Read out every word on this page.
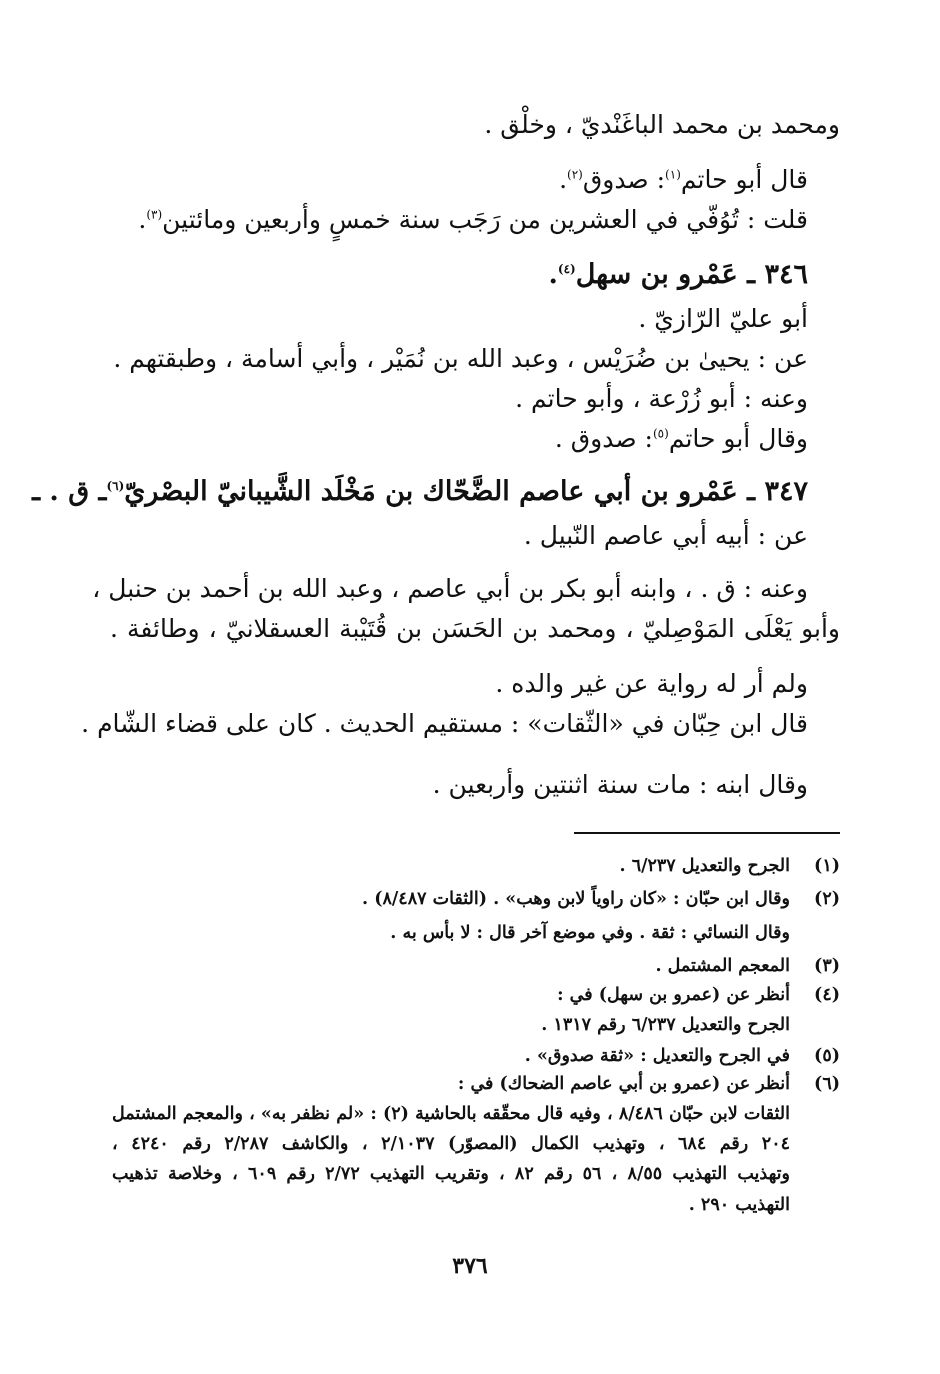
ومحمد بن محمد الباغَنْديّ ، وخلْق .
قال أبو حاتم$^{(١)}$: صدوق$^{(٢)}$.
قلت : تُوُفّي في العشرين من رَجَب سنة خمسٍ وأربعين ومائتين$^{(٣)}$.
٣٤٦ ـ عَمْرو بن سهل$^{(٤)}$.
أبو عليّ الرّازيّ .
عن : يحيىٰ بن ضُرَيْس ، وعبد الله بن نُمَيْر ، وأبي أسامة ، وطبقتهم .
وعنه : أبو زُرْعة ، وأبو حاتم .
وقال أبو حاتم$^{(٥)}$: صدوق .
٣٤٧ ـ عَمْرو بن أبي عاصم الضَّحّاك بن مَخْلَد الشَّيبانيّ البصْريّ$^{(٦)}$ـ ق . ـ
عن : أبيه أبي عاصم النّبيل .
وعنه : ق . ، وابنه أبو بكر بن أبي عاصم ، وعبد الله بن أحمد بن حنبل ،
وأبو يَعْلَى المَوْصِليّ ، ومحمد بن الحَسَن بن قُتَيْبة العسقلانيّ ، وطائفة .
ولم أر له رواية عن غير والده .
قال ابن حِبّان في «الثّقات» : مستقيم الحديث . كان على قضاء الشّام .
وقال ابنه : مات سنة اثنتين وأربعين .
(١)
الجرح والتعديل ٦/٢٣٧ .
(٢)
وقال ابن حبّان : «كان راوياً لابن وهب» . (الثقات ٨/٤٨٧) .
وقال النسائي : ثقة . وفي موضع آخر قال : لا بأس به .
(٣)
المعجم المشتمل .
(٤)
أنظر عن (عمرو بن سهل) في :
الجرح والتعديل ٦/٢٣٧ رقم ١٣١٧ .
(٥)
في الجرح والتعديل : «ثقة صدوق» .
(٦)
أنظر عن (عمرو بن أبي عاصم الضحاك) في :
الثقات لابن حبّان ٨/٤٨٦ ، وفيه قال محقّقه بالحاشية (٢) : «لم نظفر به» ، والمعجم المشتمل
٢٠٤ رقم ٦٨٤ ، وتهذيب الكمال (المصوّر) ٢/١٠٣٧ ، والكاشف ٢/٢٨٧ رقم ٤٢٤٠ ،
وتهذيب التهذيب ٨/٥٥ ، ٥٦ رقم ٨٢ ، وتقريب التهذيب ٢/٧٢ رقم ٦٠٩ ، وخلاصة تذهيب
التهذيب ٢٩٠ .
٣٧٦
